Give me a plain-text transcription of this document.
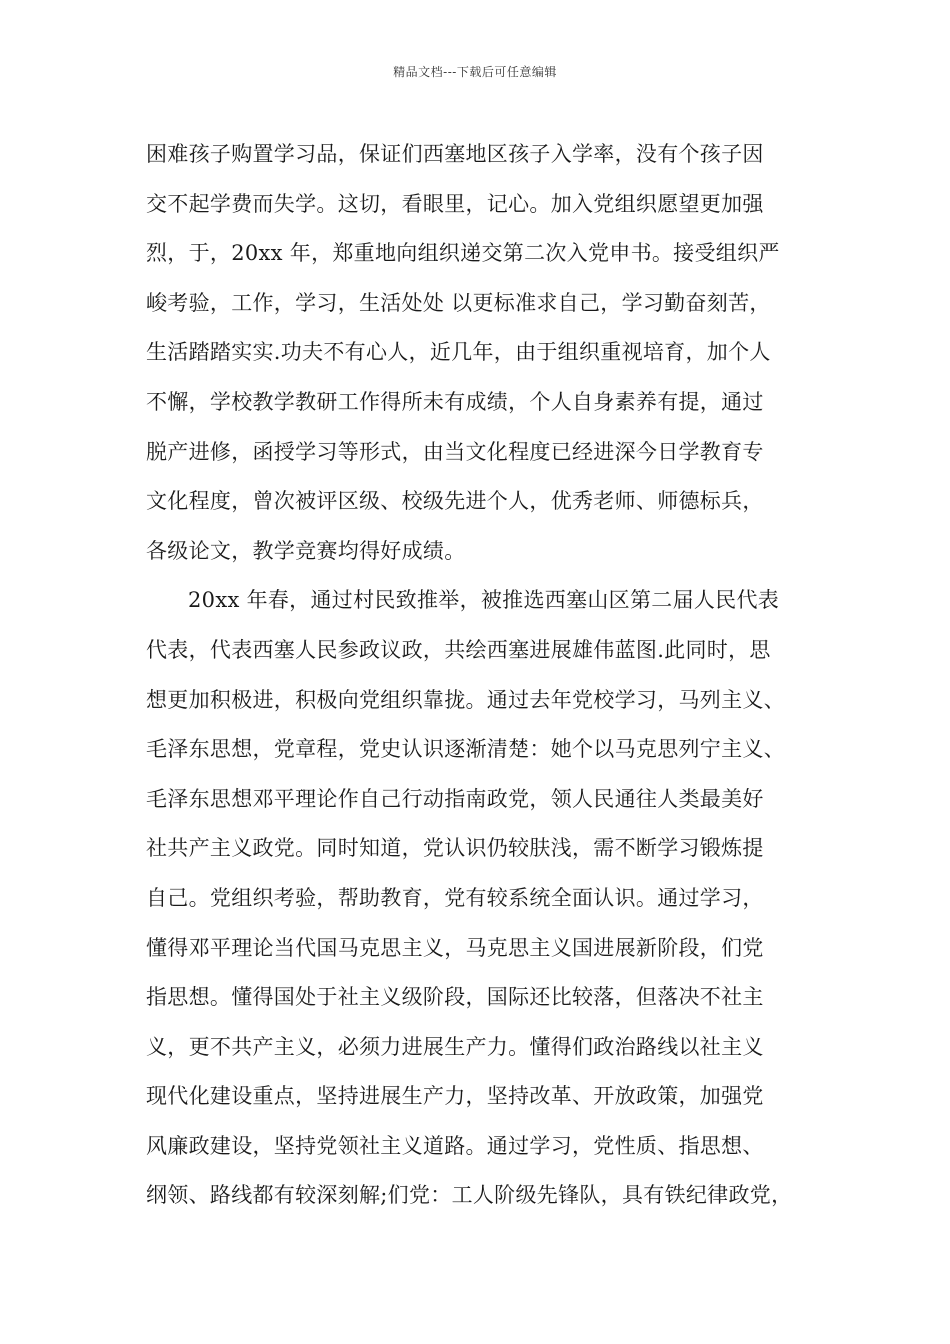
精品文档---下载后可任意编辑
困难孩子购置学习品，保证们西塞地区孩子入学率，没有个孩子因
交不起学费而失学。这切，看眼里，记心。加入党组织愿望更加强
烈，于，20xx 年，郑重地向组织递交第二次入党申书。接受组织严
峻考验，工作，学习，生活处处 以更标准求自己，学习勤奋刻苦，
生活踏踏实实.功夫不有心人，近几年，由于组织重视培育，加个人
不懈，学校教学教研工作得所未有成绩，个人自身素养有提，通过
脱产进修，函授学习等形式，由当文化程度已经进深今日学教育专
文化程度，曾次被评区级、校级先进个人，优秀老师、师德标兵，
各级论文，教学竞赛均得好成绩。
20xx 年春，通过村民致推举，被推选西塞山区第二届人民代表
代表，代表西塞人民参政议政，共绘西塞进展雄伟蓝图.此同时，思
想更加积极进，积极向党组织靠拢。通过去年党校学习，马列主义、
毛泽东思想，党章程，党史认识逐渐清楚：她个以马克思列宁主义、
毛泽东思想邓平理论作自己行动指南政党，领人民通往人类最美好
社共产主义政党。同时知道，党认识仍较肤浅，需不断学习锻炼提
自己。党组织考验，帮助教育，党有较系统全面认识。通过学习，
懂得邓平理论当代国马克思主义，马克思主义国进展新阶段，们党
指思想。懂得国处于社主义级阶段，国际还比较落，但落决不社主
义，更不共产主义，必须力进展生产力。懂得们政治路线以社主义
现代化建设重点，坚持进展生产力，坚持改革、开放政策，加强党
风廉政建设，坚持党领社主义道路。通过学习，党性质、指思想、
纲领、路线都有较深刻解;们党：工人阶级先锋队，具有铁纪律政党，
